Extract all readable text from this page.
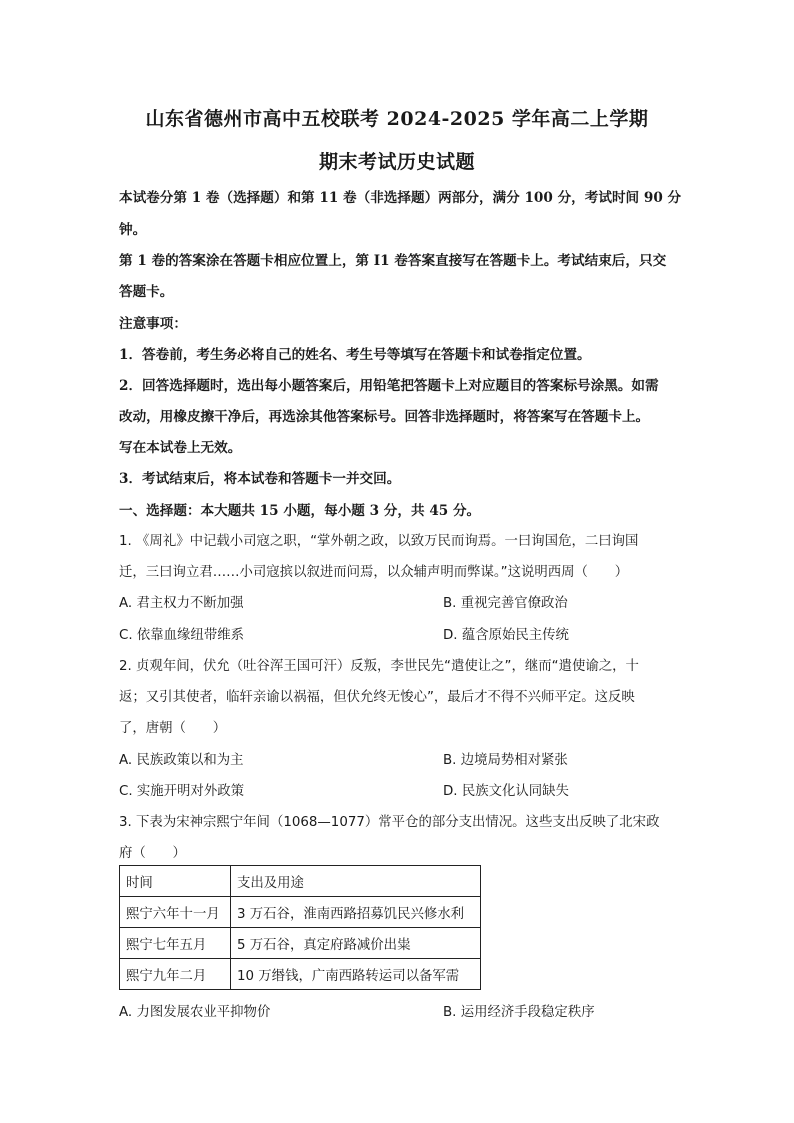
山东省德州市高中五校联考 2024-2025 学年高二上学期
期末考试历史试题
本试卷分第 1 卷（选择题）和第 11 卷（非选择题）两部分，满分 100 分，考试时间 90 分
钟。
第 1 卷的答案涂在答题卡相应位置上，第 I1 卷答案直接写在答题卡上。考试结束后，只交
答题卡。
注意事项：
1．答卷前，考生务必将自己的姓名、考生号等填写在答题卡和试卷指定位置。
2．回答选择题时，选出每小题答案后，用铅笔把答题卡上对应题目的答案标号涂黑。如需
改动，用橡皮擦干净后，再选涂其他答案标号。回答非选择题时，将答案写在答题卡上。
写在本试卷上无效。
3．考试结束后，将本试卷和答题卡一并交回。
一、选择题：本大题共 15 小题，每小题 3 分，共 45 分。
1. 《周礼》中记载小司寇之职，“掌外朝之政，以致万民而询焉。一曰询国危，二曰询国
迁，三曰询立君……小司寇摈以叙进而问焉，以众辅声明而弊谋。”这说明西周（　　）
A. 君主权力不断加强	B. 重视完善官僚政治
C. 依靠血缘纽带维系	D. 蕴含原始民主传统
2. 贞观年间，伏允（吐谷浑王国可汗）反叛，李世民先“遣使让之”，继而“遣使谕之，十
返；又引其使者，临轩亲谕以祸福，但伏允终无悛心”，最后才不得不兴师平定。这反映
了，唐朝（　　）
A. 民族政策以和为主	B. 边境局势相对紧张
C. 实施开明对外政策	D. 民族文化认同缺失
3. 下表为宋神宗熙宁年间（1068—1077）常平仓的部分支出情况。这些支出反映了北宋政
府（　　）
时间	支出及用途
熙宁六年十一月	3 万石谷，淮南西路招募饥民兴修水利
熙宁七年五月	5 万石谷，真定府路减价出粜
熙宁九年二月	10 万缗钱，广南西路转运司以备军需
A. 力图发展农业平抑物价	B. 运用经济手段稳定秩序
